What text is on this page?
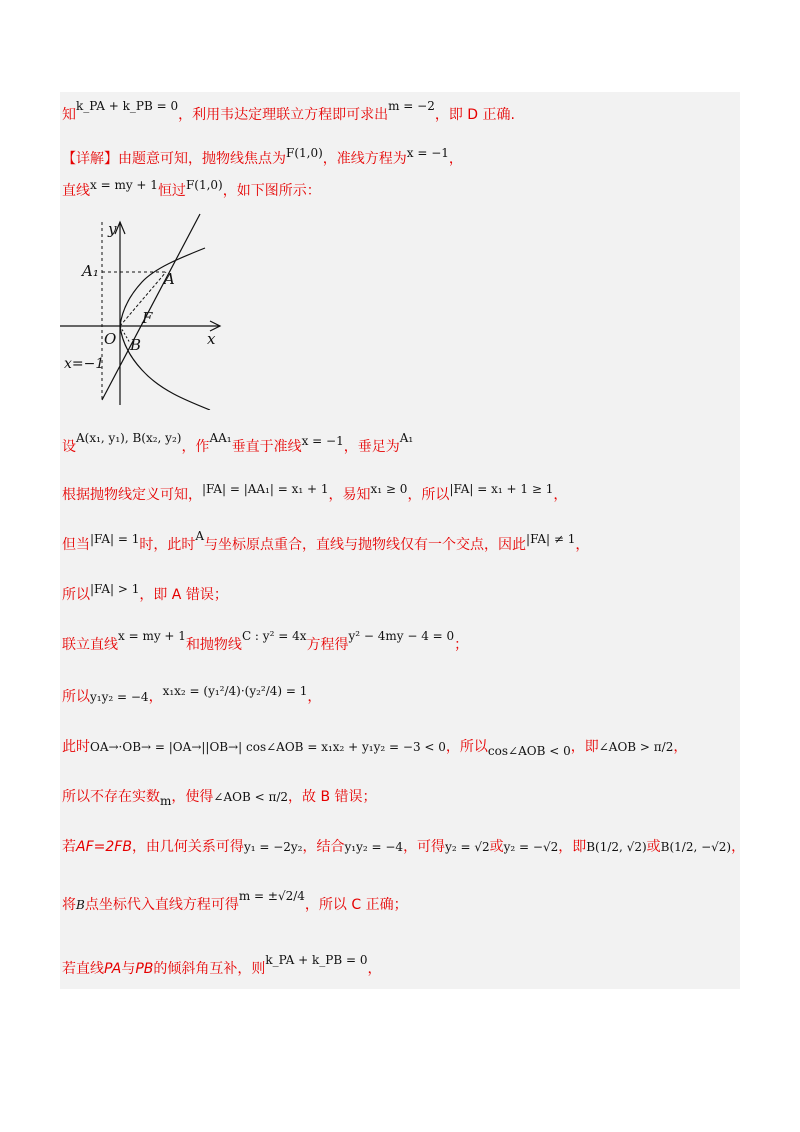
知k_PA + k_PB = 0，利用韦达定理联立方程即可求出m = −2，即 D 正确.
【详解】由题意可知，抛物线焦点为F(1,0)，准线方程为x = −1，
直线x = my + 1恒过F(1,0)，如下图所示：
y
x
A₁	A
F
O B
x=−1
设A(x₁, y₁), B(x₂, y₂)，作AA₁垂直于准线x = −1，垂足为A₁
根据抛物线定义可知，|FA| = |AA₁| = x₁ + 1，易知x₁ ≥ 0，所以|FA| = x₁ + 1 ≥ 1，
但当|FA| = 1时，此时A与坐标原点重合，直线与抛物线仅有一个交点，因此|FA| ≠ 1，
所以|FA| > 1，即 A 错误；
联立直线x = my + 1和抛物线C : y² = 4x方程得y² − 4my − 4 = 0；
所以y₁y₂ = −4，x₁x₂ = (y₁²/4)·(y₂²/4) = 1，
此时OA→·OB→ = |OA→||OB→| cos∠AOB = x₁x₂ + y₁y₂ = −3 < 0，所以cos∠AOB < 0，即∠AOB > π/2，
所以不存在实数m，使得∠AOB < π/2，故 B 错误；
若AF=2FB，由几何关系可得y₁ = −2y₂，结合y₁y₂ = −4，可得y₂ = √2或y₂ = −√2，即B(1/2, √2)或B(1/2, −√2)，
将B点坐标代入直线方程可得m = ±√2/4，所以 C 正确；
若直线PA与PB的倾斜角互补，则k_PA + k_PB = 0，
